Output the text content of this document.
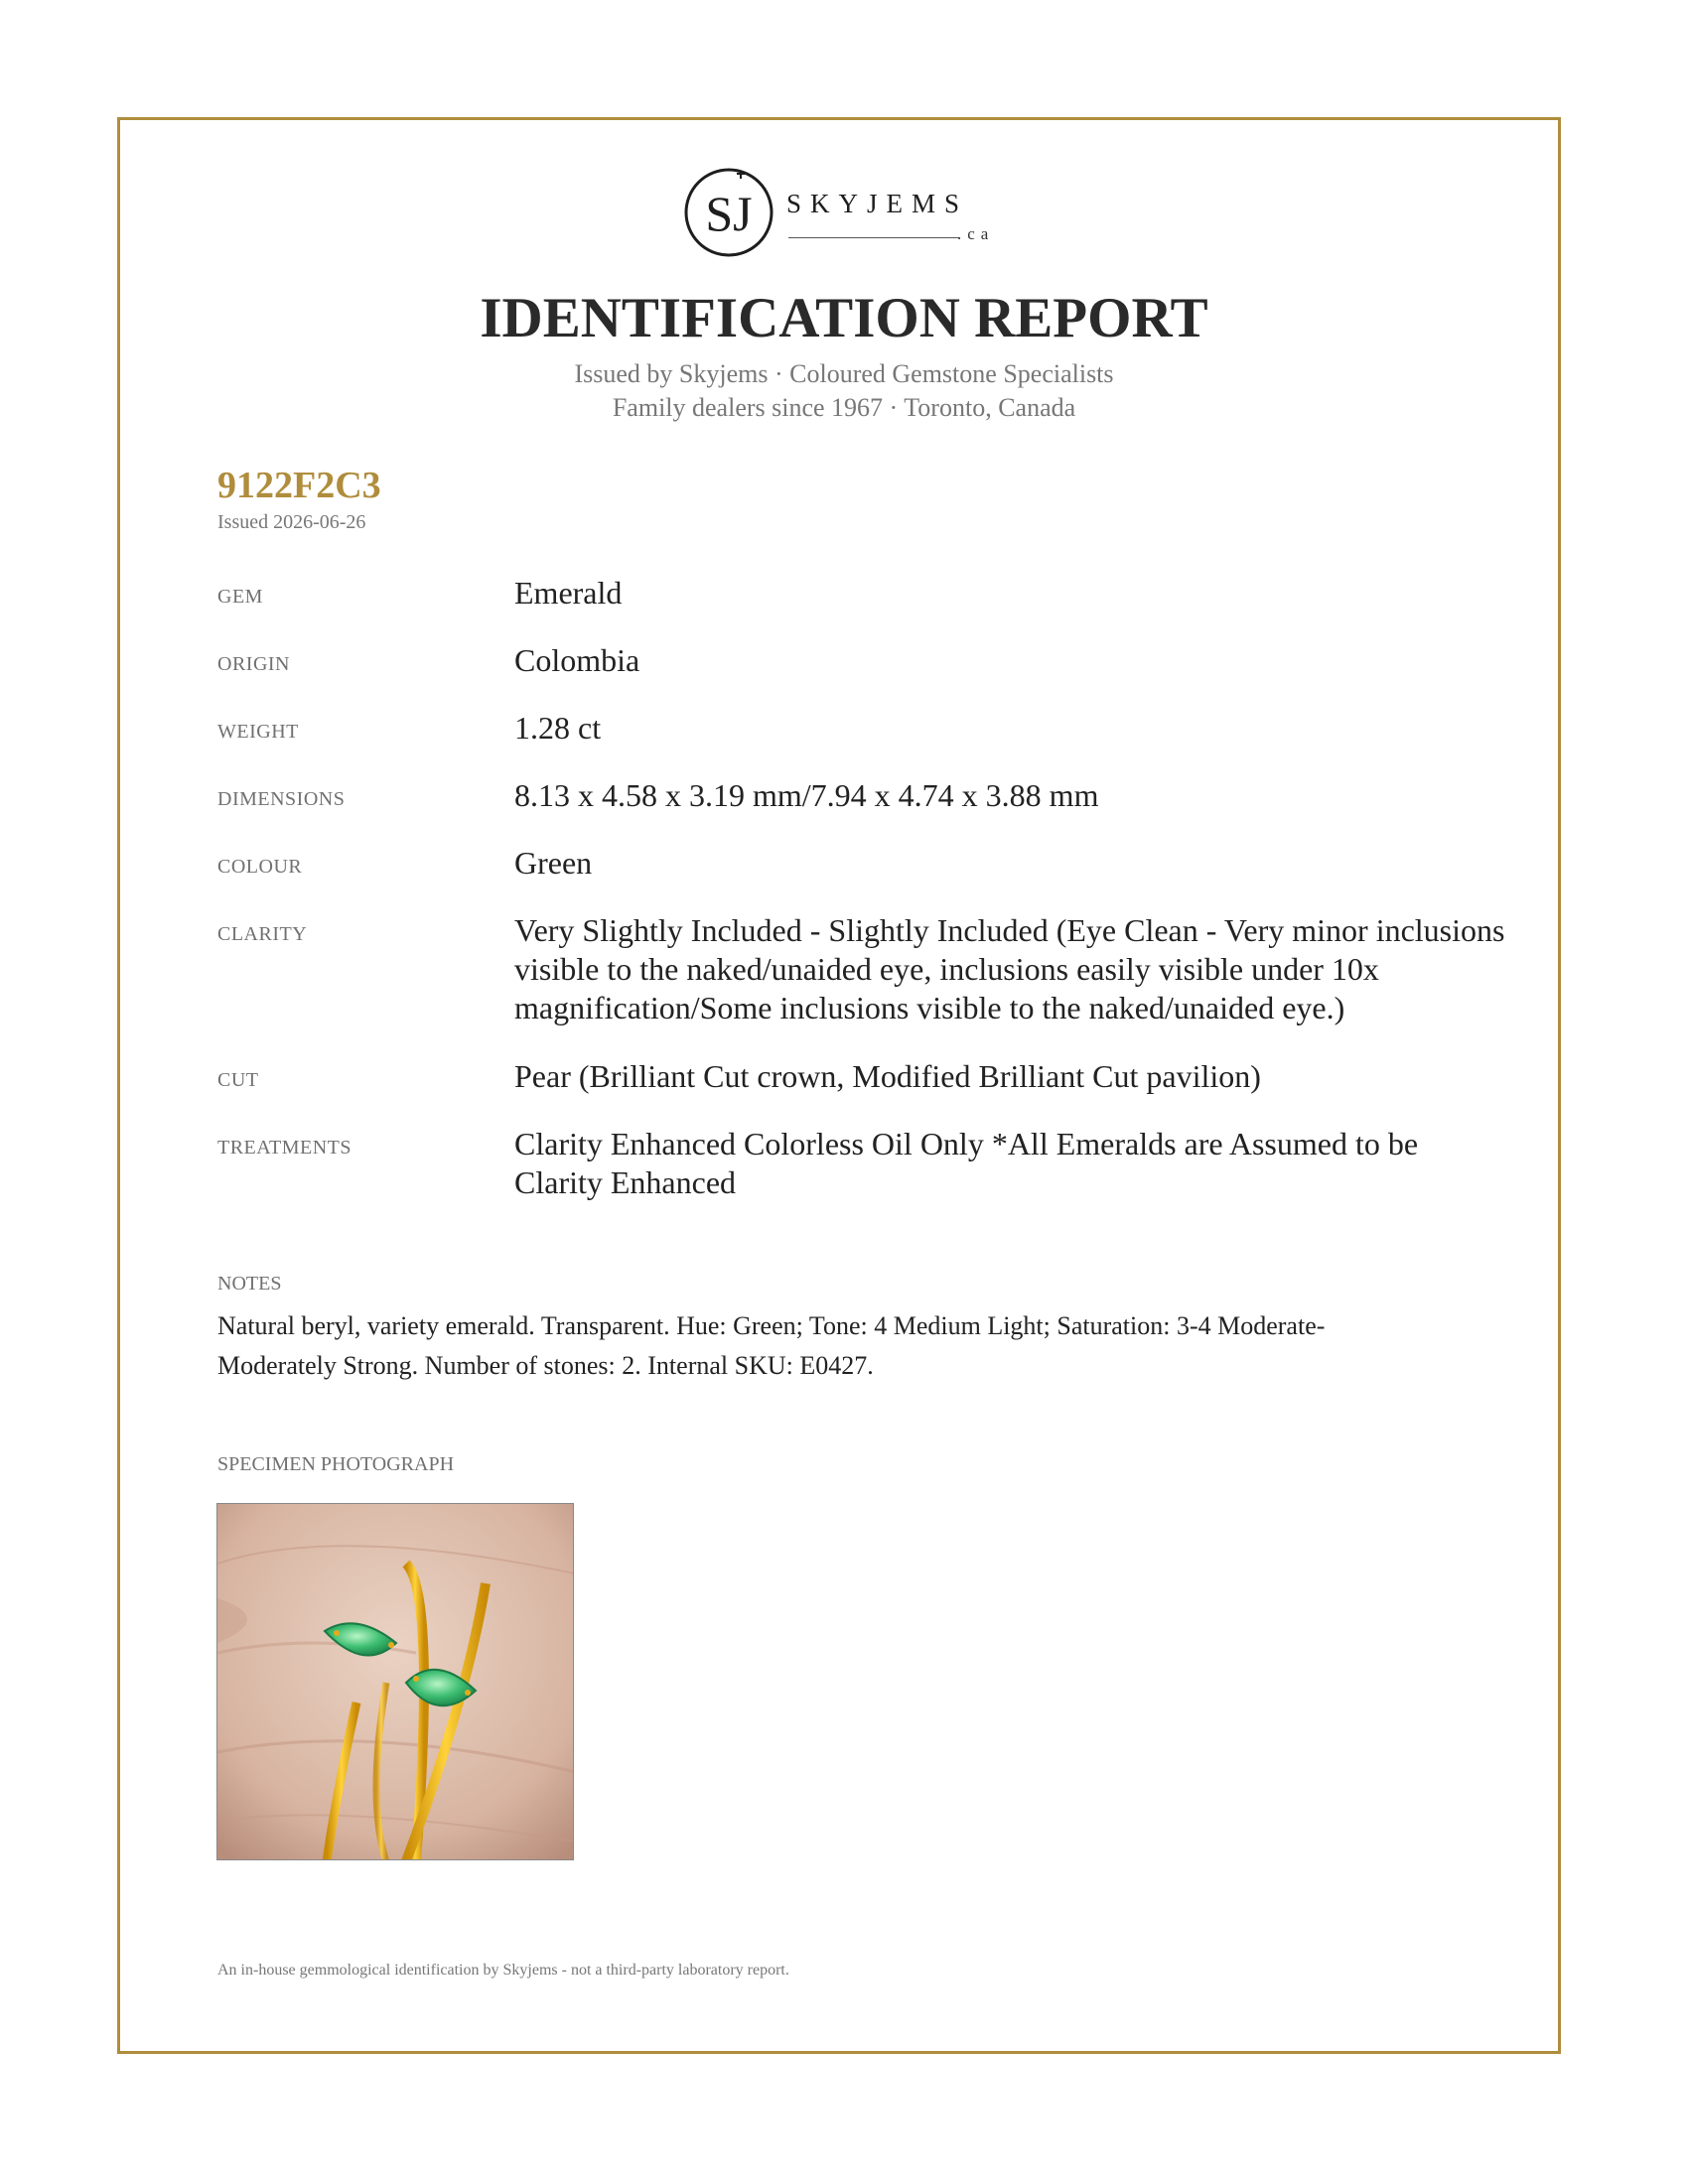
SJ SKYJEMS
.ca
IDENTIFICATION REPORT
Issued by Skyjems · Coloured Gemstone Specialists
Family dealers since 1967 · Toronto, Canada
9122F2C3
Issued 2026-06-26
GEM	Emerald
ORIGIN	Colombia
WEIGHT	1.28 ct
DIMENSIONS	8.13 x 4.58 x 3.19 mm/7.94 x 4.74 x 3.88 mm
COLOUR	Green
CLARITY	Very Slightly Included - Slightly Included (Eye Clean - Very minor inclusions visible to the naked/unaided eye, inclusions easily visible under 10x magnification/Some inclusions visible to the naked/unaided eye.)
CUT	Pear (Brilliant Cut crown, Modified Brilliant Cut pavilion)
TREATMENTS	Clarity Enhanced Colorless Oil Only *All Emeralds are Assumed to be Clarity Enhanced
NOTES
Natural beryl, variety emerald. Transparent. Hue: Green; Tone: 4 Medium Light; Saturation: 3-4 Moderate-Moderately Strong. Number of stones: 2. Internal SKU: E0427.
SPECIMEN PHOTOGRAPH
An in-house gemmological identification by Skyjems - not a third-party laboratory report.
